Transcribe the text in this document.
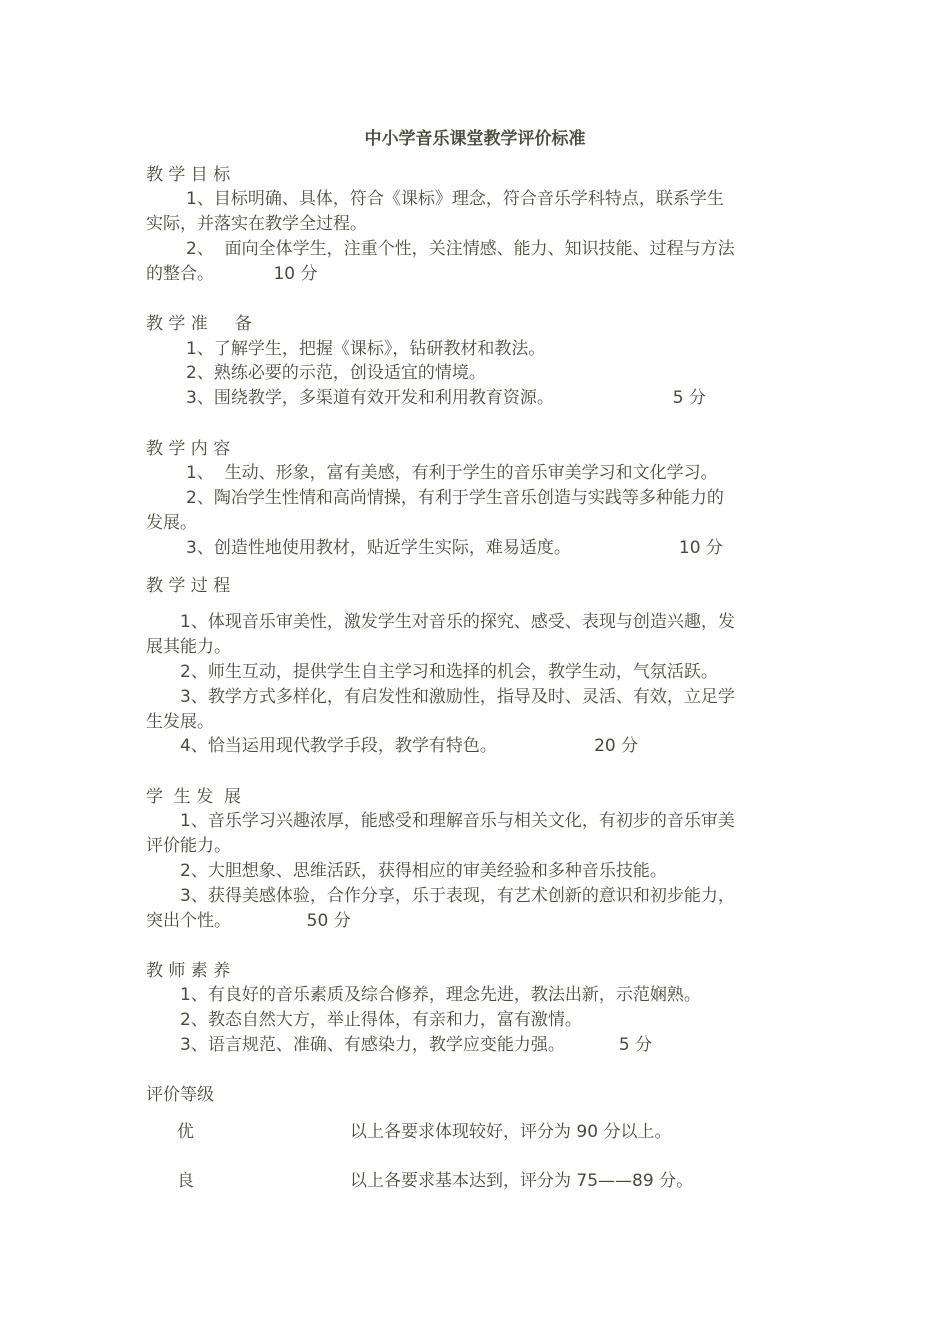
中小学音乐课堂教学评价标准
教 学 目 标
1、目标明确、具体，符合《课标》理念，符合音乐学科特点，联系学生
实际，并落实在教学全过程。
2、  面向全体学生，注重个性，关注情感、能力、知识技能、过程与方法
的整合。           10 分
教 学 准     备
1、了解学生，把握《课标》，钻研教材和教法。
2、熟练必要的示范，创设适宜的情境。
3、围绕教学，多渠道有效开发和利用教育资源。                      5 分
教 学 内 容
1、  生动、形象，富有美感，有利于学生的音乐审美学习和文化学习。
2、陶冶学生性情和高尚情操，有利于学生音乐创造与实践等多种能力的
发展。
3、创造性地使用教材，贴近学生实际，难易适度。                    10 分
教 学 过 程
1、体现音乐审美性，激发学生对音乐的探究、感受、表现与创造兴趣，发
展其能力。
2、师生互动，提供学生自主学习和选择的机会，教学生动，气氛活跃。
3、教学方式多样化，有启发性和激励性，指导及时、灵活、有效，立足学
生发展。
4、恰当运用现代教学手段，教学有特色。                  20 分
学  生 发  展
1、音乐学习兴趣浓厚，能感受和理解音乐与相关文化，有初步的音乐审美
评价能力。
2、大胆想象、思维活跃，获得相应的审美经验和多种音乐技能。
3、获得美感体验，合作分享，乐于表现，有艺术创新的意识和初步能力，
突出个性。              50 分
教 师 素 养
1、有良好的音乐素质及综合修养，理念先进，教法出新，示范娴熟。
2、教态自然大方，举止得体，有亲和力，富有激情。
3、语言规范、准确、有感染力，教学应变能力强。          5 分
评价等级
优	以上各要求体现较好，评分为 90 分以上。
良	以上各要求基本达到，评分为 75——89 分。
